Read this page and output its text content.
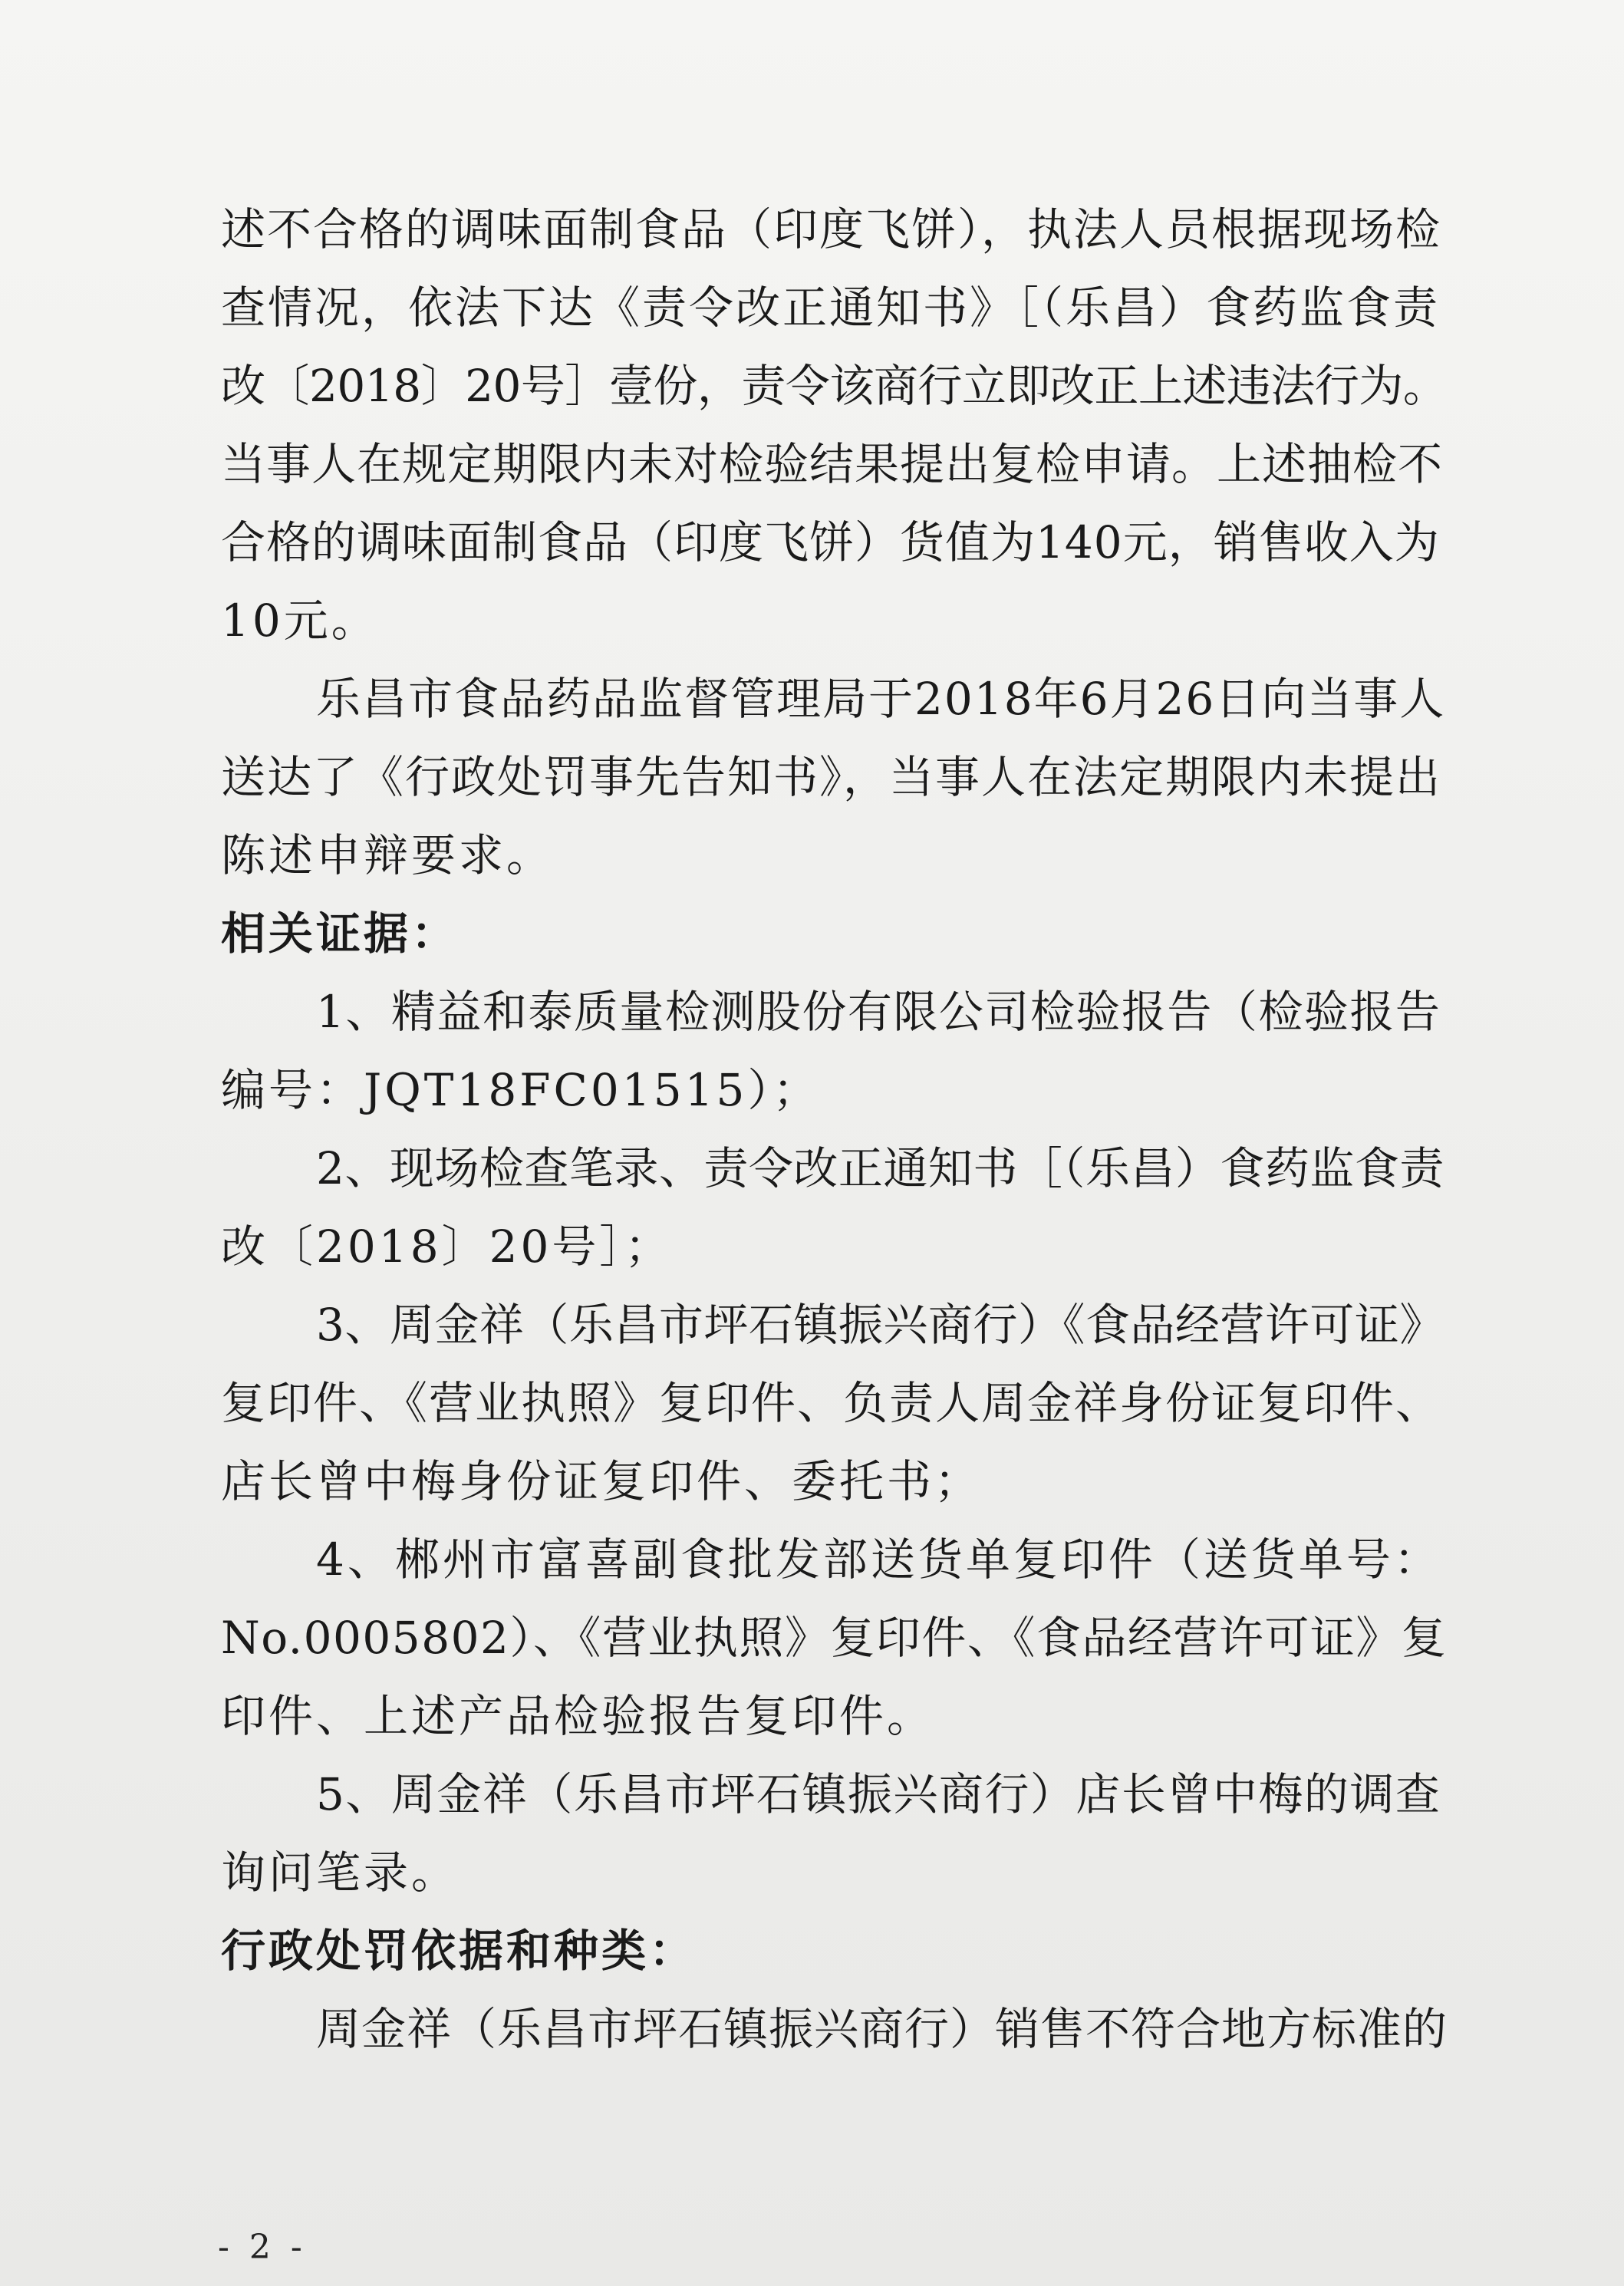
述不合格的调味面制食品（印度飞饼），执法人员根据现场检
查情况，依法下达《责令改正通知书》［（乐昌）食药监食责
改〔2018〕20号］壹份，责令该商行立即改正上述违法行为。
当事人在规定期限内未对检验结果提出复检申请。上述抽检不
合格的调味面制食品（印度飞饼）货值为140元，销售收入为
10元。
乐昌市食品药品监督管理局于2018年6月26日向当事人
送达了《行政处罚事先告知书》，当事人在法定期限内未提出
陈述申辩要求。
相关证据：
1、精益和泰质量检测股份有限公司检验报告（检验报告
编号：JQT18FC01515）；
2、现场检查笔录、责令改正通知书［（乐昌）食药监食责
改〔2018〕20号］；
3、周金祥（乐昌市坪石镇振兴商行）《食品经营许可证》
复印件、《营业执照》复印件、负责人周金祥身份证复印件、
店长曾中梅身份证复印件、委托书；
4、郴州市富喜副食批发部送货单复印件（送货单号：
No.0005802）、《营业执照》复印件、《食品经营许可证》复
印件、上述产品检验报告复印件。
5、周金祥（乐昌市坪石镇振兴商行）店长曾中梅的调查
询问笔录。
行政处罚依据和种类：
周金祥（乐昌市坪石镇振兴商行）销售不符合地方标准的
- 2 -
